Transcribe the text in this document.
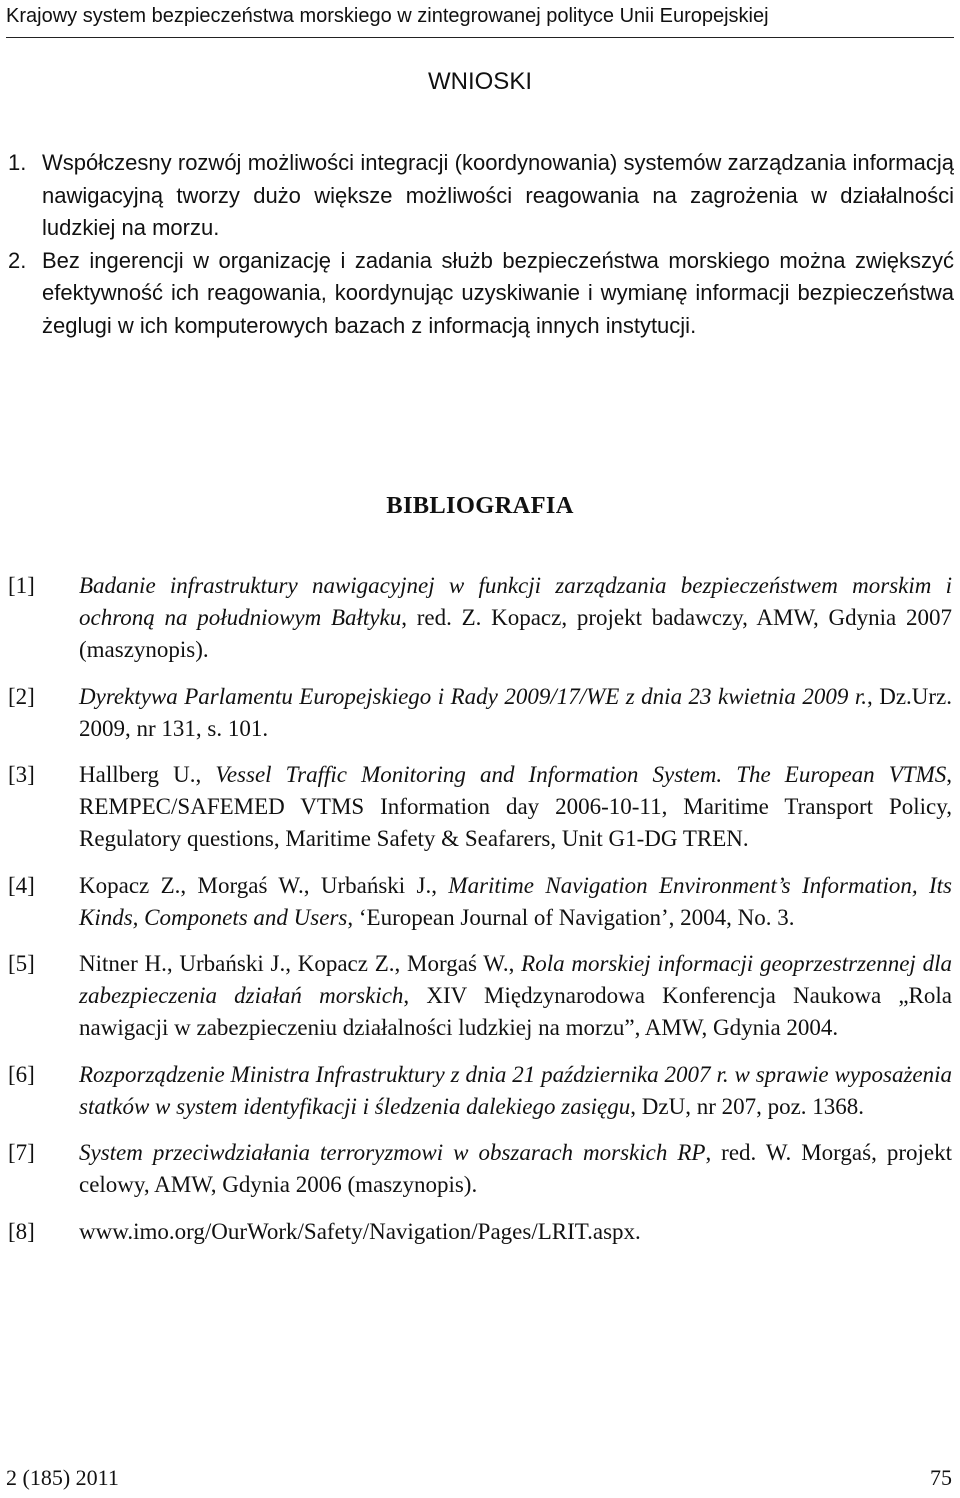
Krajowy system bezpieczeństwa morskiego w zintegrowanej polityce Unii Europejskiej
WNIOSKI
1. Współczesny rozwój możliwości integracji (koordynowania) systemów zarządzania informacją nawigacyjną tworzy dużo większe możliwości reagowania na zagrożenia w działalności ludzkiej na morzu.
2. Bez ingerencji w organizację i zadania służb bezpieczeństwa morskiego można zwiększyć efektywność ich reagowania, koordynując uzyskiwanie i wymianę informacji bezpieczeństwa żeglugi w ich komputerowych bazach z informacją innych instytucji.
BIBLIOGRAFIA
[1] Badanie infrastruktury nawigacyjnej w funkcji zarządzania bezpieczeństwem morskim i ochroną na południowym Bałtyku, red. Z. Kopacz, projekt badawczy, AMW, Gdynia 2007 (maszynopis).
[2] Dyrektywa Parlamentu Europejskiego i Rady 2009/17/WE z dnia 23 kwietnia 2009 r., Dz.Urz. 2009, nr 131, s. 101.
[3] Hallberg U., Vessel Traffic Monitoring and Information System. The European VTMS, REMPEC/SAFEMED VTMS Information day 2006-10-11, Maritime Transport Policy, Regulatory questions, Maritime Safety & Seafarers, Unit G1-DG TREN.
[4] Kopacz Z., Morgaś W., Urbański J., Maritime Navigation Environment’s Information, Its Kinds, Componets and Users, ‘European Journal of Navigation’, 2004, No. 3.
[5] Nitner H., Urbański J., Kopacz Z., Morgaś W., Rola morskiej informacji geoprzestrzennej dla zabezpieczenia działań morskich, XIV Międzynarodowa Konferencja Naukowa „Rola nawigacji w zabezpieczeniu działalności ludzkiej na morzu”, AMW, Gdynia 2004.
[6] Rozporządzenie Ministra Infrastruktury z dnia 21 października 2007 r. w sprawie wyposażenia statków w system identyfikacji i śledzenia dalekiego zasięgu, DzU, nr 207, poz. 1368.
[7] System przeciwdziałania terroryzmowi w obszarach morskich RP, red. W. Morgaś, projekt celowy, AMW, Gdynia 2006 (maszynopis).
[8] www.imo.org/OurWork/Safety/Navigation/Pages/LRIT.aspx.
2 (185) 2011	75
